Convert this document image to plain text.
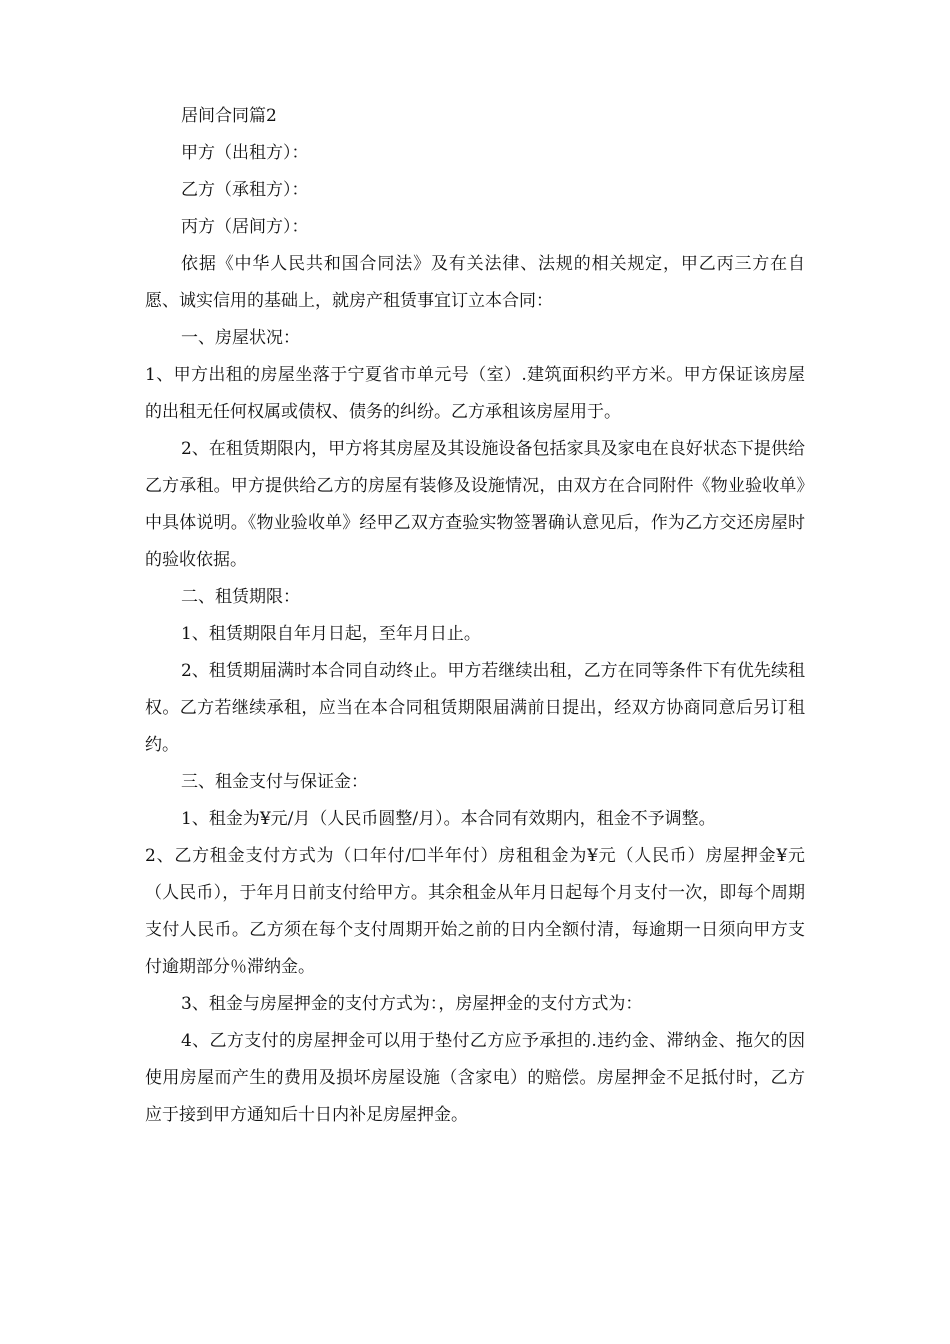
居间合同篇2

甲方（出租方）：

乙方（承租方）：

丙方（居间方）：

依据《中华人民共和国合同法》及有关法律、法规的相关规定，甲乙丙三方在自愿、诚实信用的基础上，就房产租赁事宜订立本合同：

一、房屋状况：

1、甲方出租的房屋坐落于宁夏省市单元号（室）.建筑面积约平方米。甲方保证该房屋的出租无任何权属或债权、债务的纠纷。乙方承租该房屋用于。

2、在租赁期限内，甲方将其房屋及其设施设备包括家具及家电在良好状态下提供给乙方承租。甲方提供给乙方的房屋有装修及设施情况，由双方在合同附件《物业验收单》中具体说明。《物业验收单》经甲乙双方查验实物签署确认意见后，作为乙方交还房屋时的验收依据。

二、租赁期限：

1、租赁期限自年月日起，至年月日止。

2、租赁期届满时本合同自动终止。甲方若继续出租，乙方在同等条件下有优先续租权。乙方若继续承租，应当在本合同租赁期限届满前日提出，经双方协商同意后另订租约。

三、租金支付与保证金：

1、租金为¥元/月（人民币圆整/月）。本合同有效期内，租金不予调整。

2、乙方租金支付方式为（口年付/☐半年付）房租租金为¥元（人民币）房屋押金¥元（人民币），于年月日前支付给甲方。其余租金从年月日起每个月支付一次，即每个周期支付人民币。乙方须在每个支付周期开始之前的日内全额付清，每逾期一日须向甲方支付逾期部分％滞纳金。

3、租金与房屋押金的支付方式为：，房屋押金的支付方式为：

4、乙方支付的房屋押金可以用于垫付乙方应予承担的.违约金、滞纳金、拖欠的因使用房屋而产生的费用及损坏房屋设施（含家电）的赔偿。房屋押金不足抵付时，乙方应于接到甲方通知后十日内补足房屋押金。
